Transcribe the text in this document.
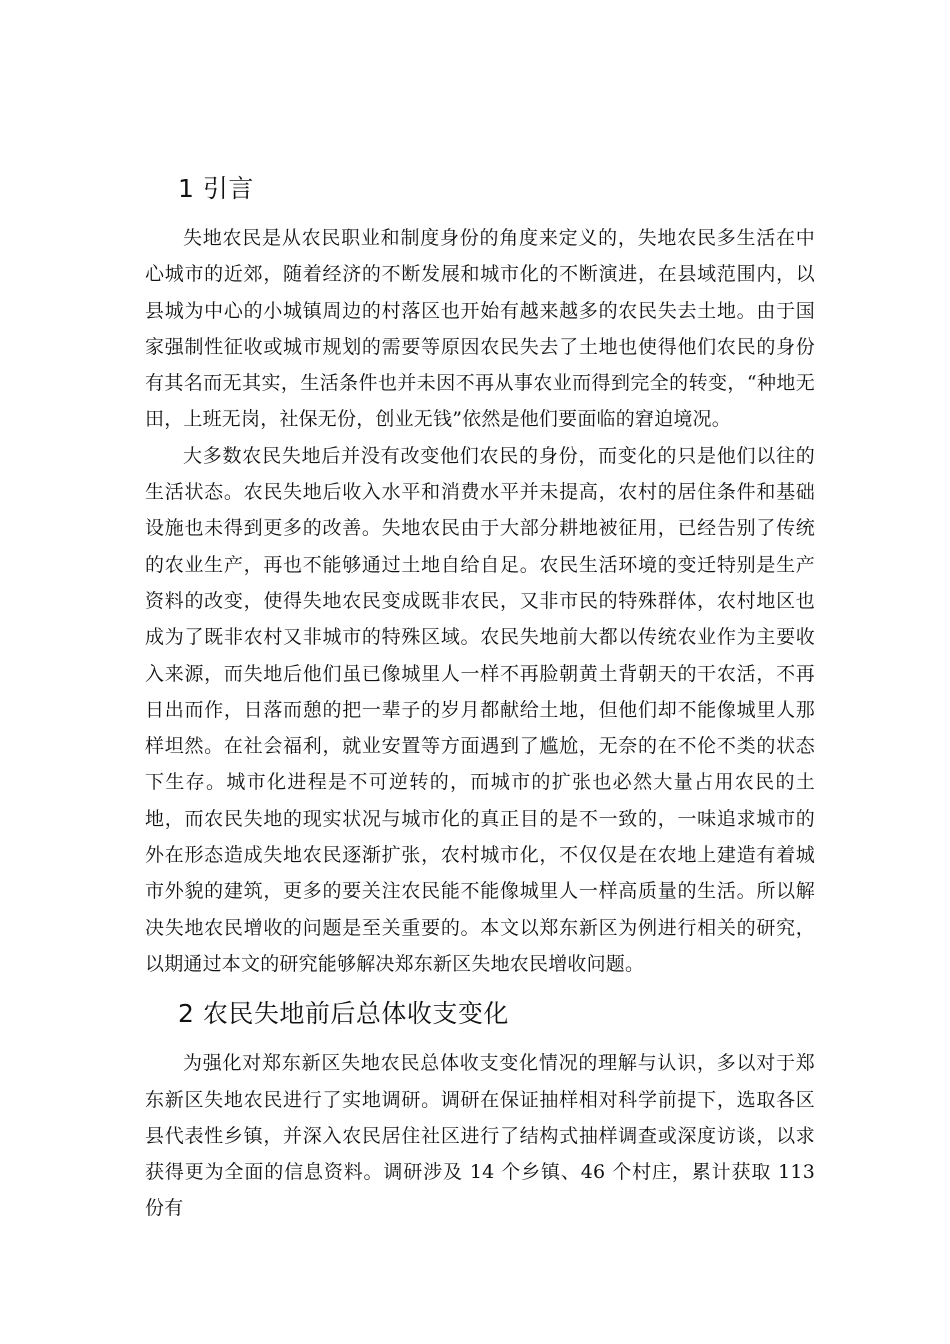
1 引言

失地农民是从农民职业和制度身份的角度来定义的，失地农民多生活在中心城市的近郊，随着经济的不断发展和城市化的不断演进，在县域范围内，以县城为中心的小城镇周边的村落区也开始有越来越多的农民失去土地。由于国家强制性征收或城市规划的需要等原因农民失去了土地也使得他们农民的身份有其名而无其实，生活条件也并未因不再从事农业而得到完全的转变，“种地无田，上班无岗，社保无份，创业无钱”依然是他们要面临的窘迫境况。

大多数农民失地后并没有改变他们农民的身份，而变化的只是他们以往的生活状态。农民失地后收入水平和消费水平并未提高，农村的居住条件和基础设施也未得到更多的改善。失地农民由于大部分耕地被征用，已经告别了传统的农业生产，再也不能够通过土地自给自足。农民生活环境的变迁特别是生产资料的改变，使得失地农民变成既非农民，又非市民的特殊群体，农村地区也成为了既非农村又非城市的特殊区域。农民失地前大都以传统农业作为主要收入来源，而失地后他们虽已像城里人一样不再脸朝黄土背朝天的干农活，不再日出而作，日落而憩的把一辈子的岁月都献给土地，但他们却不能像城里人那样坦然。在社会福利，就业安置等方面遇到了尴尬，无奈的在不伦不类的状态下生存。城市化进程是不可逆转的，而城市的扩张也必然大量占用农民的土地，而农民失地的现实状况与城市化的真正目的是不一致的，一味追求城市的外在形态造成失地农民逐渐扩张，农村城市化，不仅仅是在农地上建造有着城市外貌的建筑，更多的要关注农民能不能像城里人一样高质量的生活。所以解决失地农民增收的问题是至关重要的。本文以郑东新区为例进行相关的研究，以期通过本文的研究能够解决郑东新区失地农民增收问题。

2 农民失地前后总体收支变化

为强化对郑东新区失地农民总体收支变化情况的理解与认识，多以对于郑东新区失地农民进行了实地调研。调研在保证抽样相对科学前提下，选取各区县代表性乡镇，并深入农民居住社区进行了结构式抽样调查或深度访谈，以求获得更为全面的信息资料。调研涉及 14 个乡镇、46 个村庄，累计获取 113 份有
